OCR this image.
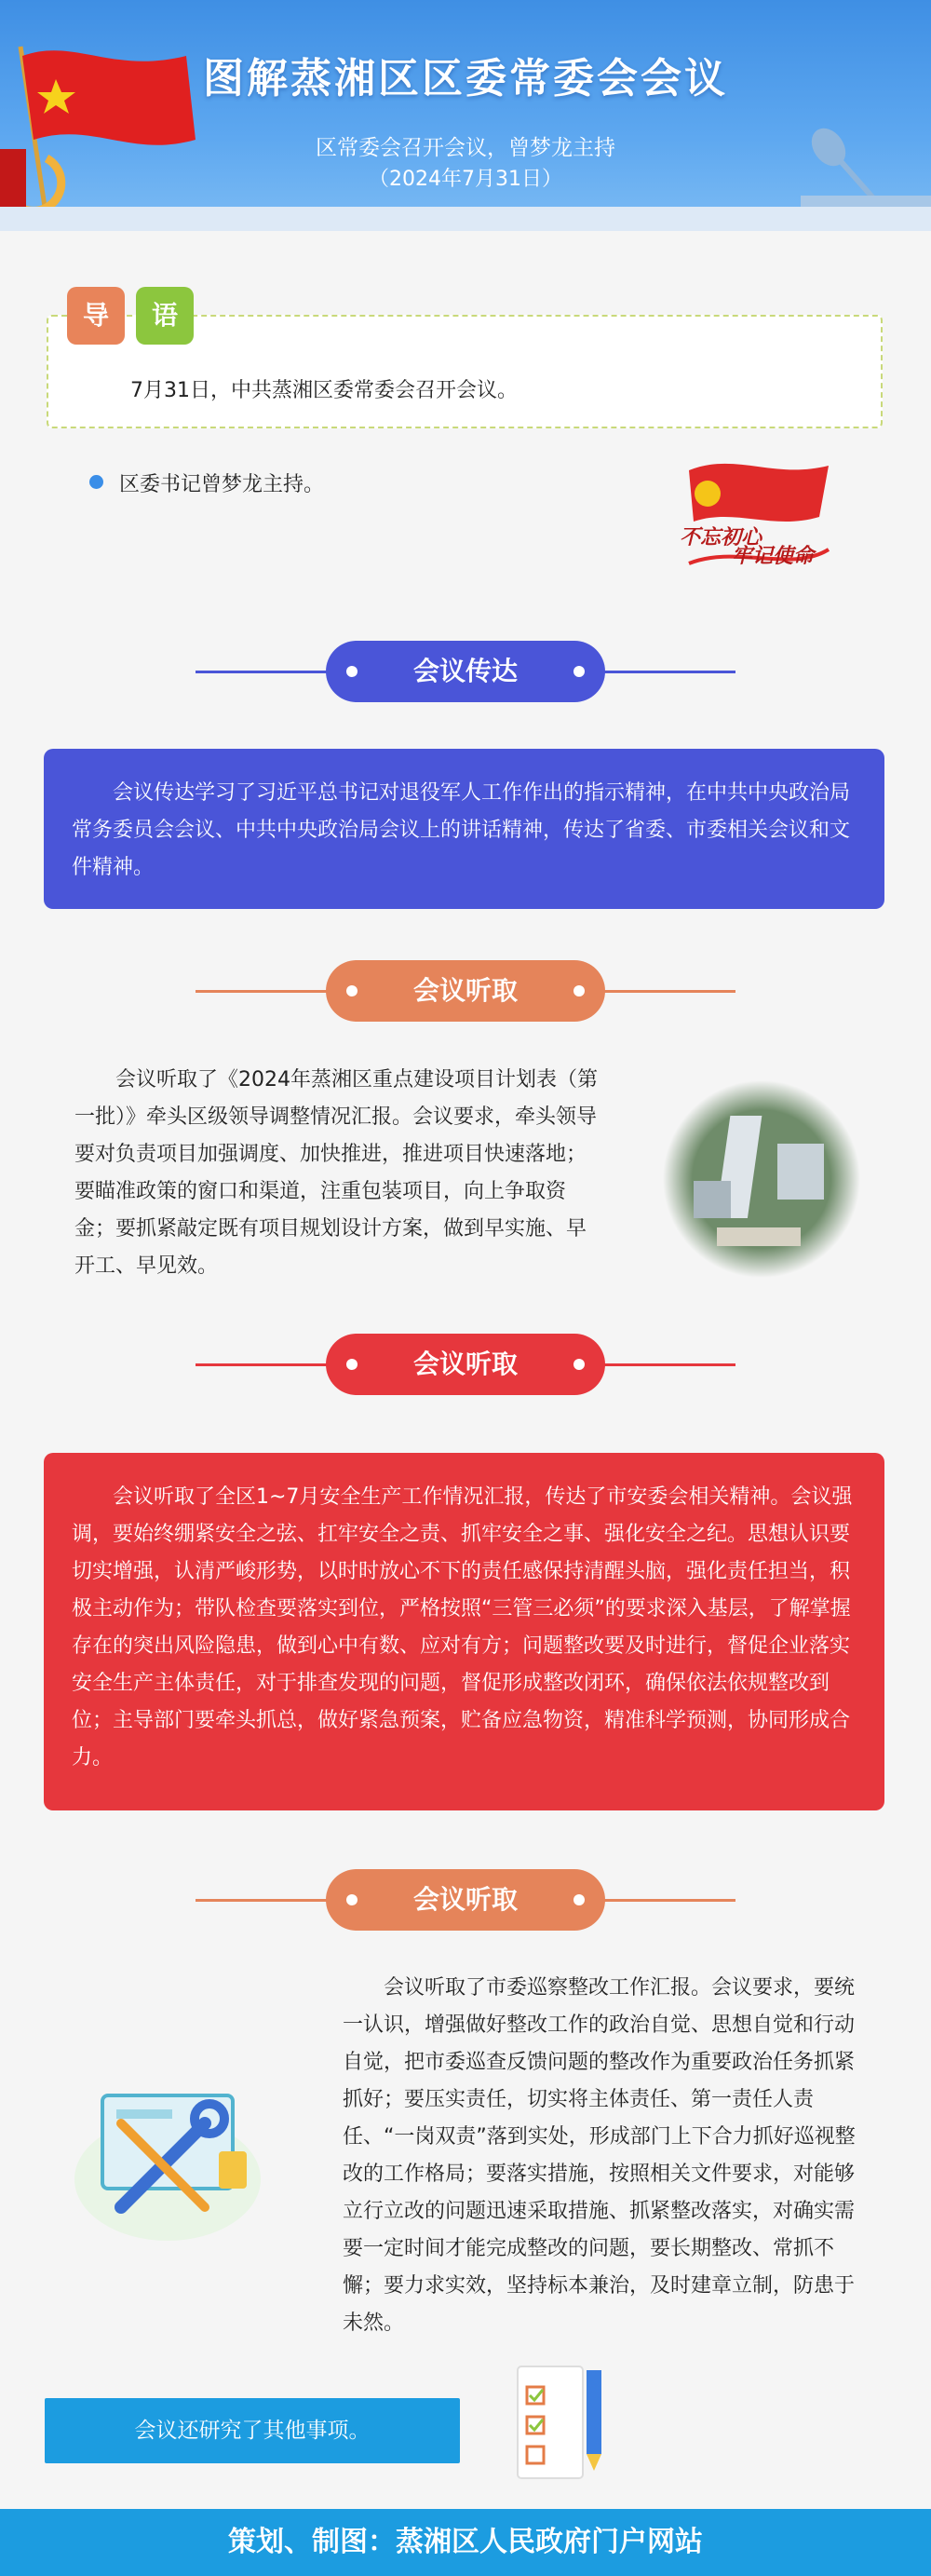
图解蒸湘区区委常委会会议
区常委会召开会议，曾梦龙主持
（2024年7月31日）
导	语
7月31日，中共蒸湘区委常委会召开会议。
区委书记曾梦龙主持。
不忘初心
牢记使命
会议传达
会议传达学习了习近平总书记对退役军人工作作出的指示精神，在中共中央政治局常务委员会会议、中共中央政治局会议上的讲话精神，传达了省委、市委相关会议和文件精神。
会议听取
会议听取了《2024年蒸湘区重点建设项目计划表（第一批）》牵头区级领导调整情况汇报。会议要求，牵头领导要对负责项目加强调度、加快推进，推进项目快速落地；要瞄准政策的窗口和渠道，注重包装项目，向上争取资金；要抓紧敲定既有项目规划设计方案，做到早实施、早开工、早见效。
会议听取
会议听取了全区1~7月安全生产工作情况汇报，传达了市安委会相关精神。会议强调，要始终绷紧安全之弦、扛牢安全之责、抓牢安全之事、强化安全之纪。思想认识要切实增强，认清严峻形势，以时时放心不下的责任感保持清醒头脑，强化责任担当，积极主动作为；带队检查要落实到位，严格按照“三管三必须”的要求深入基层，了解掌握存在的突出风险隐患，做到心中有数、应对有方；问题整改要及时进行，督促企业落实安全生产主体责任，对于排查发现的问题，督促形成整改闭环，确保依法依规整改到位；主导部门要牵头抓总，做好紧急预案，贮备应急物资，精准科学预测，协同形成合力。
会议听取
会议听取了市委巡察整改工作汇报。会议要求，要统一认识，增强做好整改工作的政治自觉、思想自觉和行动自觉，把市委巡查反馈问题的整改作为重要政治任务抓紧抓好；要压实责任，切实将主体责任、第一责任人责任、“一岗双责”落到实处，形成部门上下合力抓好巡视整改的工作格局；要落实措施，按照相关文件要求，对能够立行立改的问题迅速采取措施、抓紧整改落实，对确实需要一定时间才能完成整改的问题，要长期整改、常抓不懈；要力求实效，坚持标本兼治，及时建章立制，防患于未然。
会议还研究了其他事项。
策划、制图：蒸湘区人民政府门户网站
